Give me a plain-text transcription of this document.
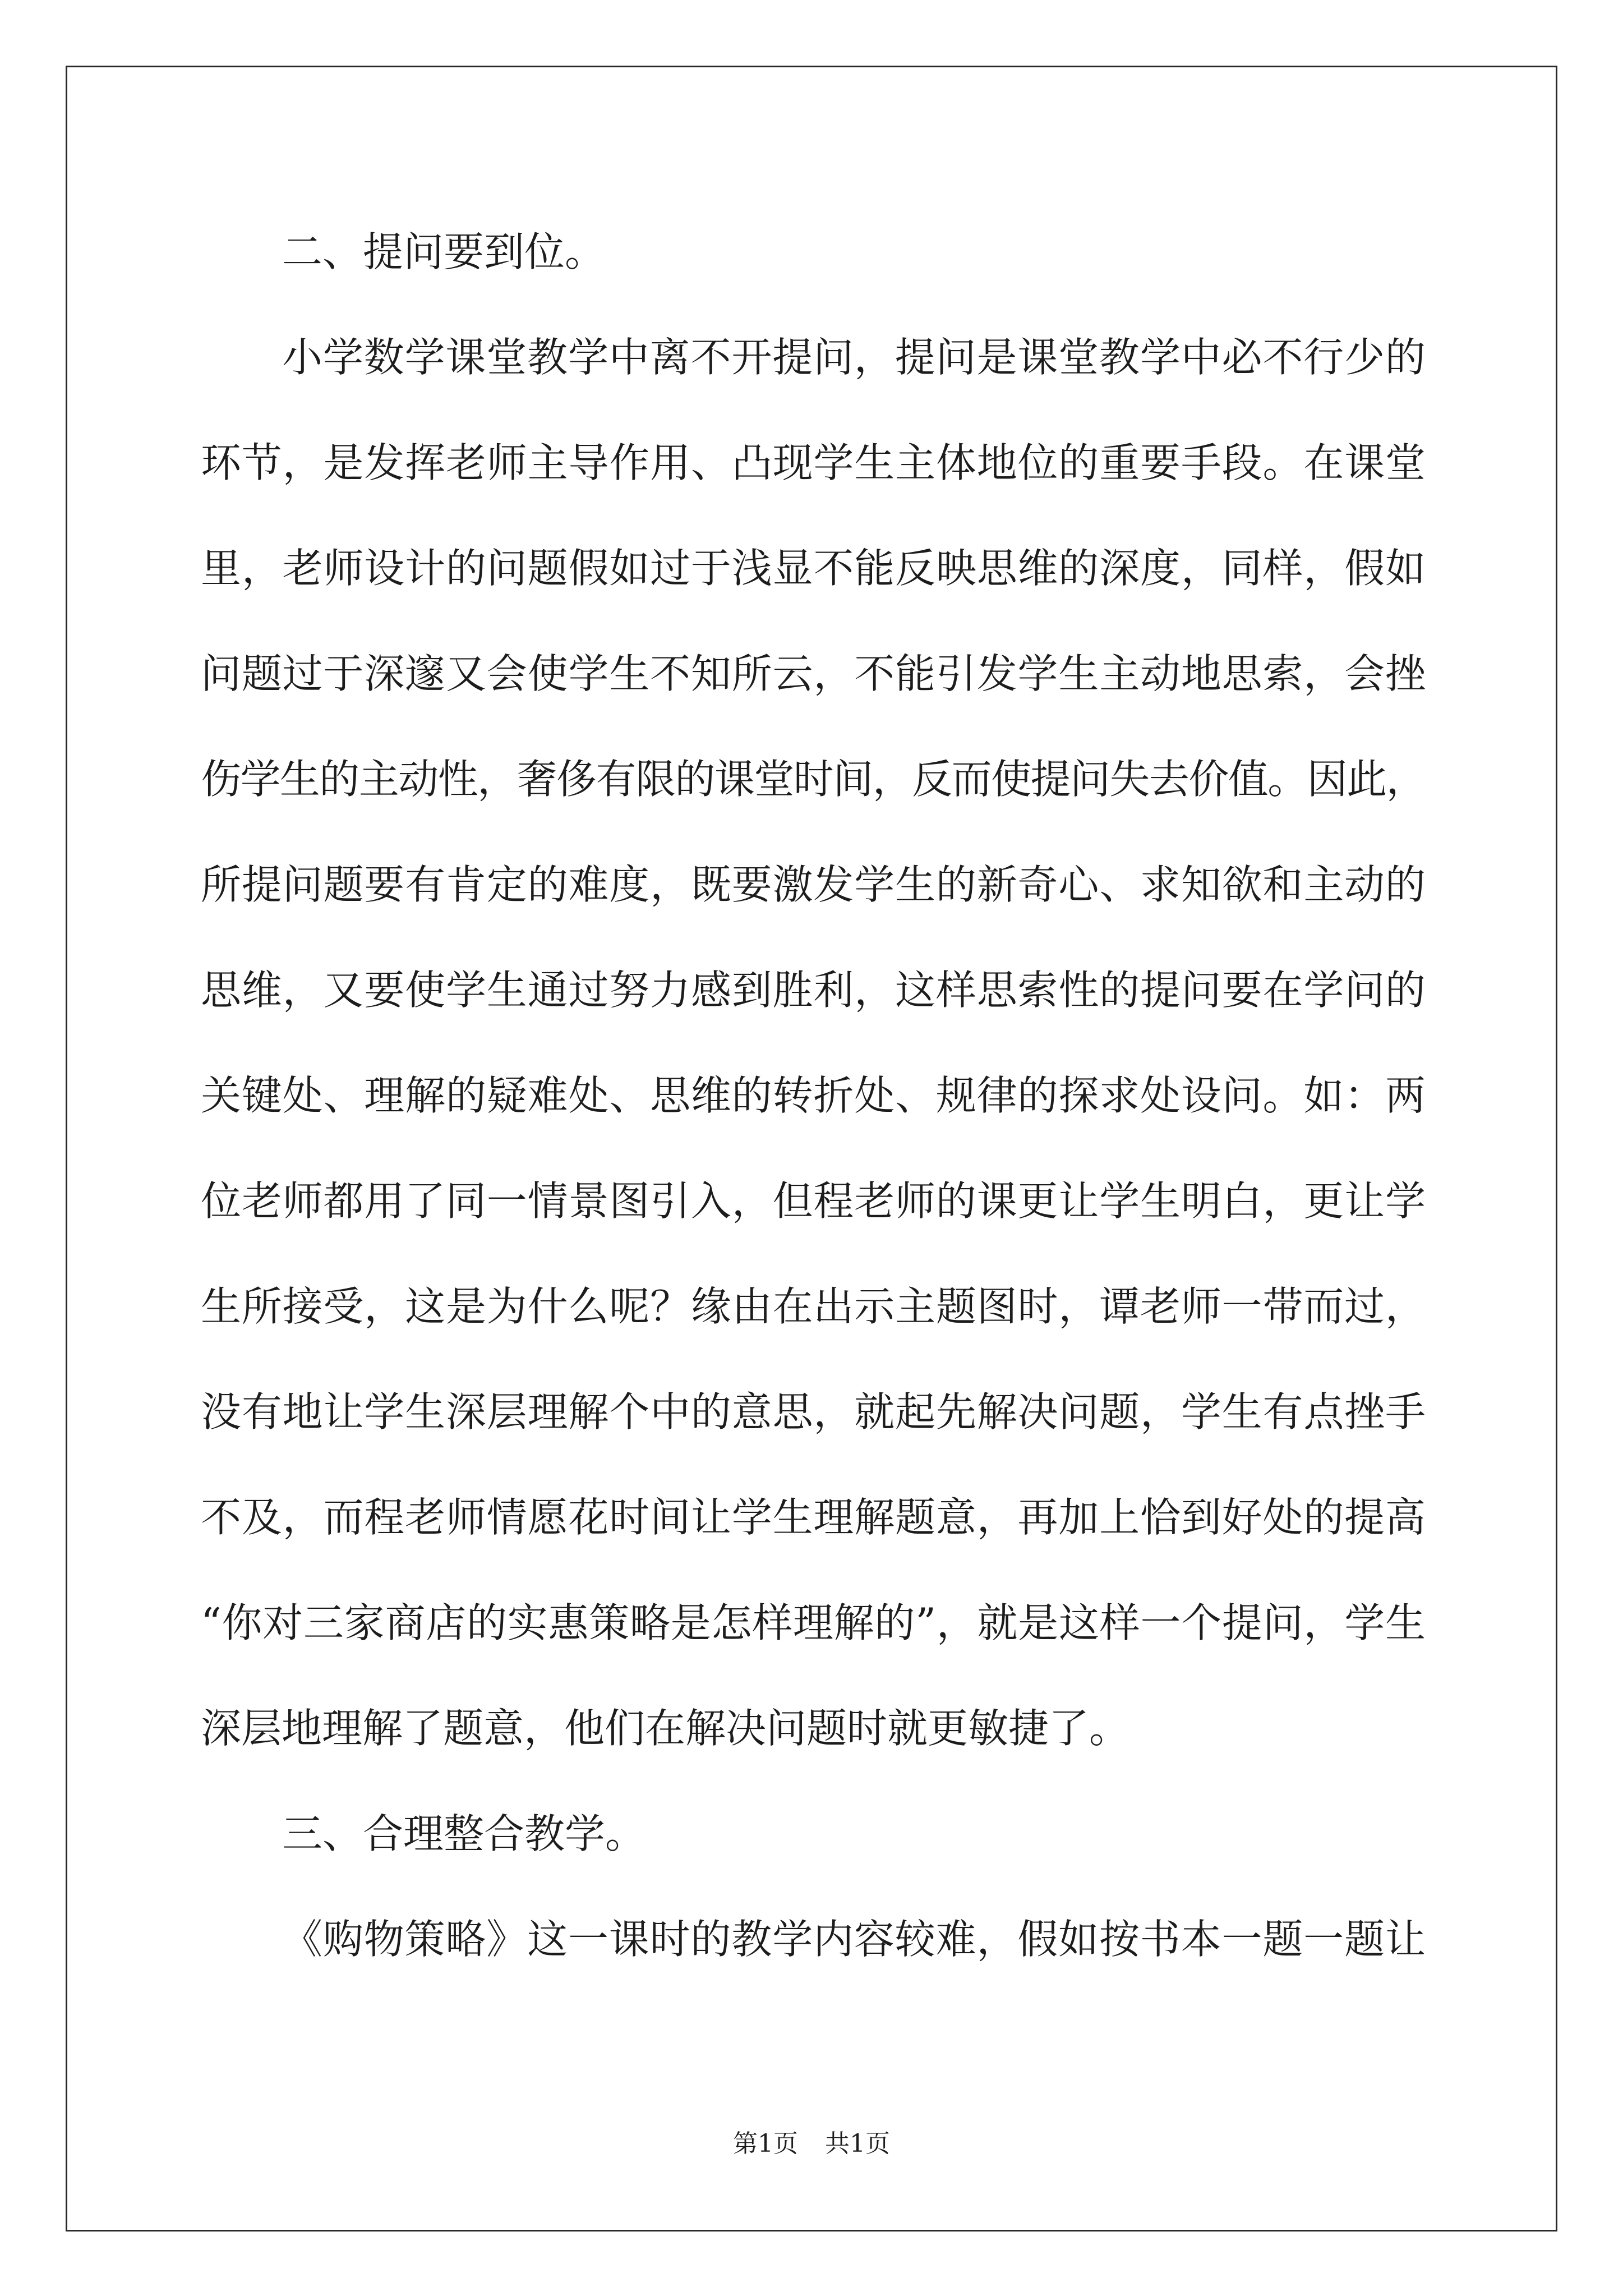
二、提问要到位。
小学数学课堂教学中离不开提问，提问是课堂教学中必不行少的
环节，是发挥老师主导作用、凸现学生主体地位的重要手段。在课堂
里，老师设计的问题假如过于浅显不能反映思维的深度，同样，假如
问题过于深邃又会使学生不知所云，不能引发学生主动地思索，会挫
伤学生的主动性，奢侈有限的课堂时间，反而使提问失去价值。因此，
所提问题要有肯定的难度，既要激发学生的新奇心、求知欲和主动的
思维，又要使学生通过努力感到胜利，这样思索性的提问要在学问的
关键处、理解的疑难处、思维的转折处、规律的探求处设问。如：两
位老师都用了同一情景图引入，但程老师的课更让学生明白，更让学
生所接受，这是为什么呢？缘由在出示主题图时，谭老师一带而过，
没有地让学生深层理解个中的意思，就起先解决问题，学生有点挫手
不及，而程老师情愿花时间让学生理解题意，再加上恰到好处的提高
“你对三家商店的实惠策略是怎样理解的”，就是这样一个提问，学生
深层地理解了题意，他们在解决问题时就更敏捷了。
三、合理整合教学。
《购物策略》这一课时的教学内容较难，假如按书本一题一题让
第1页 共1页
